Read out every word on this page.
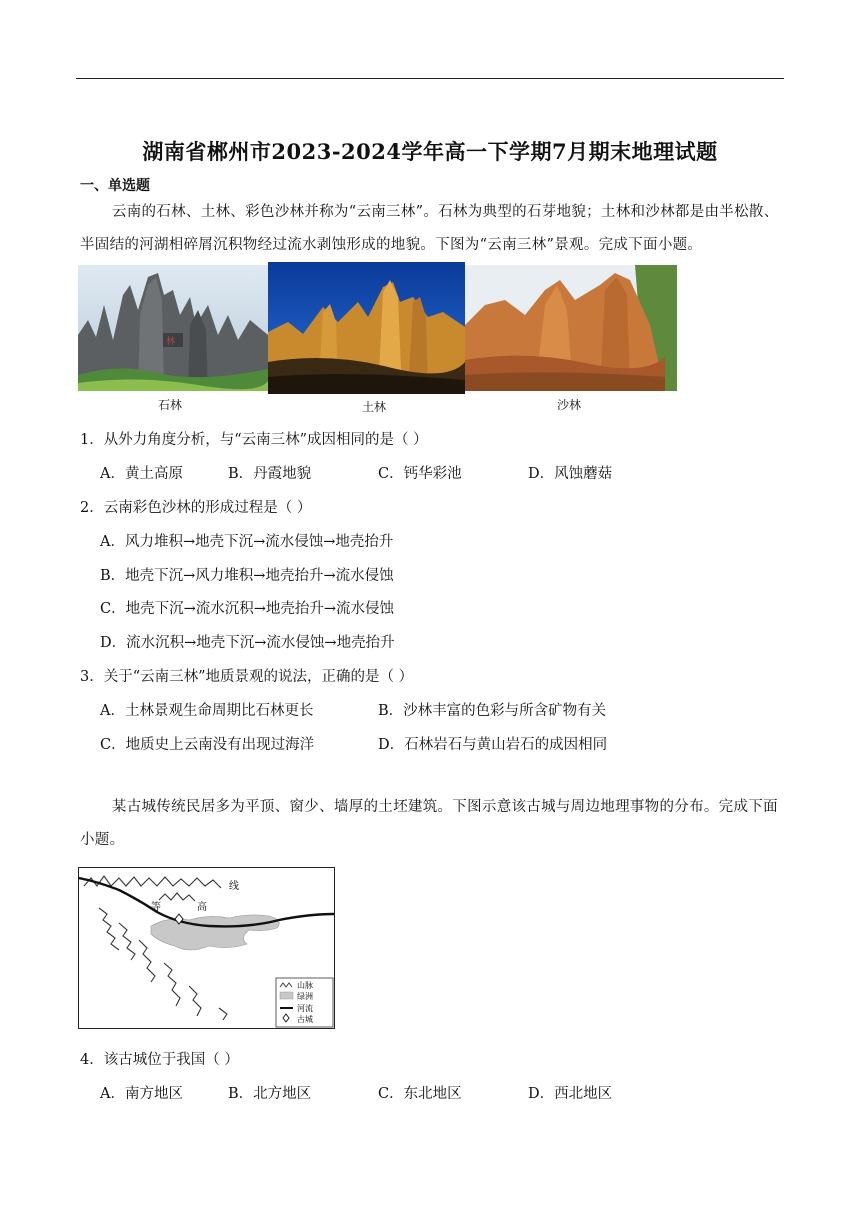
湖南省郴州市2023-2024学年高一下学期7月期末地理试题
一、单选题
云南的石林、土林、彩色沙林并称为“云南三林”。石林为典型的石芽地貌；土林和沙林都是由半松散、半固结的河湖相碎屑沉积物经过流水剥蚀形成的地貌。下图为“云南三林”景观。完成下面小题。
林
石林	土林	沙林
1．从外力角度分析，与“云南三林”成因相同的是（ ）
A．黄土高原	B．丹霞地貌	C．钙华彩池	D．风蚀蘑菇
2．云南彩色沙林的形成过程是（ ）
A．风力堆积→地壳下沉→流水侵蚀→地壳抬升
B．地壳下沉→风力堆积→地壳抬升→流水侵蚀
C．地壳下沉→流水沉积→地壳抬升→流水侵蚀
D．流水沉积→地壳下沉→流水侵蚀→地壳抬升
3．关于“云南三林”地质景观的说法，正确的是（ ）
A．土林景观生命周期比石林更长	B．沙林丰富的色彩与所含矿物有关
C．地质史上云南没有出现过海洋	D．石林岩石与黄山岩石的成因相同
某古城传统民居多为平顶、窗少、墙厚的土坯建筑。下图示意该古城与周边地理事物的分布。完成下面小题。
线
等	高
山脉
绿洲
河流
古城
4．该古城位于我国（ ）
A．南方地区	B．北方地区	C．东北地区	D．西北地区
